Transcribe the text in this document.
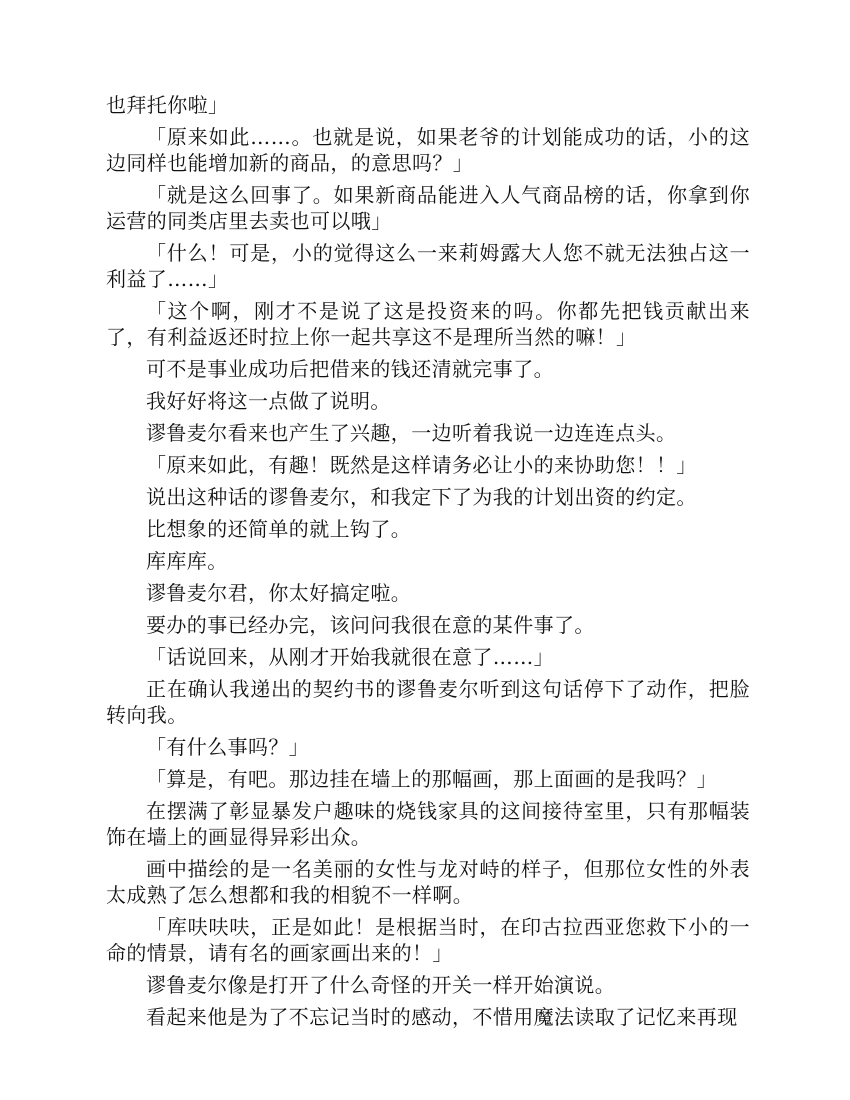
也拜托你啦」

「原来如此……。也就是说，如果老爷的计划能成功的话，小的这边同样也能增加新的商品，的意思吗？」

「就是这么回事了。如果新商品能进入人气商品榜的话，你拿到你运营的同类店里去卖也可以哦」

「什么！可是，小的觉得这么一来莉姆露大人您不就无法独占这一利益了……」

「这个啊，刚才不是说了这是投资来的吗。你都先把钱贡献出来了，有利益返还时拉上你一起共享这不是理所当然的嘛！」

可不是事业成功后把借来的钱还清就完事了。

我好好将这一点做了说明。

谬鲁麦尔看来也产生了兴趣，一边听着我说一边连连点头。

「原来如此，有趣！既然是这样请务必让小的来协助您！！」

说出这种话的谬鲁麦尔，和我定下了为我的计划出资的约定。

比想象的还简单的就上钩了。

库库库。

谬鲁麦尔君，你太好搞定啦。

要办的事已经办完，该问问我很在意的某件事了。

「话说回来，从刚才开始我就很在意了……」

正在确认我递出的契约书的谬鲁麦尔听到这句话停下了动作，把脸转向我。

「有什么事吗？」

「算是，有吧。那边挂在墙上的那幅画，那上面画的是我吗？」

在摆满了彰显暴发户趣味的烧钱家具的这间接待室里，只有那幅装饰在墙上的画显得异彩出众。

画中描绘的是一名美丽的女性与龙对峙的样子，但那位女性的外表太成熟了怎么想都和我的相貌不一样啊。

「库呋呋呋，正是如此！是根据当时，在印古拉西亚您救下小的一命的情景，请有名的画家画出来的！」

谬鲁麦尔像是打开了什么奇怪的开关一样开始演说。

看起来他是为了不忘记当时的感动，不惜用魔法读取了记忆来再现
